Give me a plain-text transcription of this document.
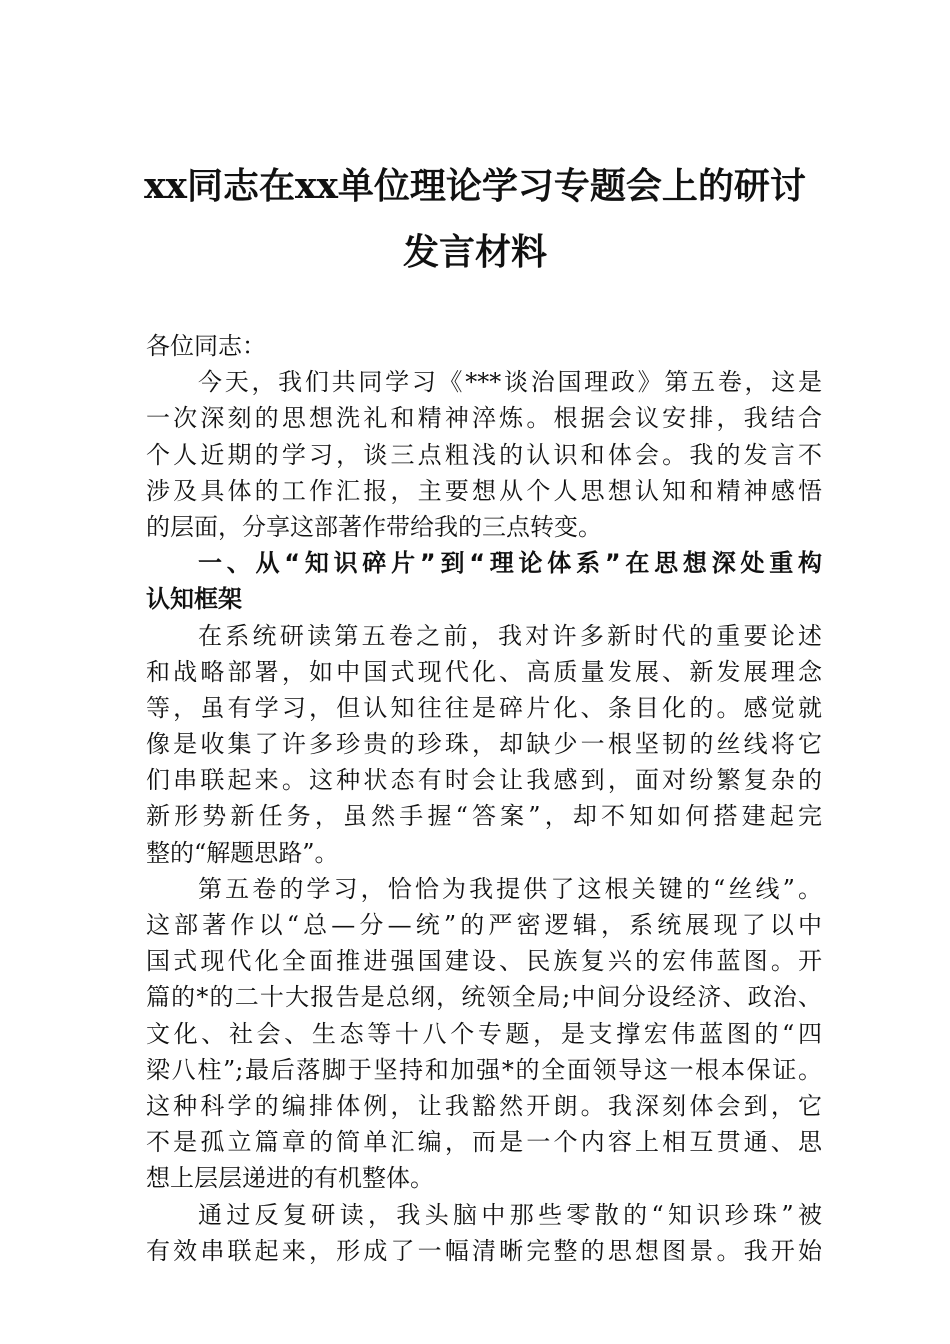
xx同志在xx单位理论学习专题会上的研讨
发言材料
各位同志：
今天，我们共同学习《***谈治国理政》第五卷，这是
一次深刻的思想洗礼和精神淬炼。根据会议安排，我结合
个人近期的学习，谈三点粗浅的认识和体会。我的发言不
涉及具体的工作汇报，主要想从个人思想认知和精神感悟
的层面，分享这部著作带给我的三点转变。
一、从“知识碎片”到“理论体系”在思想深处重构
认知框架
在系统研读第五卷之前，我对许多新时代的重要论述
和战略部署，如中国式现代化、高质量发展、新发展理念
等，虽有学习，但认知往往是碎片化、条目化的。感觉就
像是收集了许多珍贵的珍珠，却缺少一根坚韧的丝线将它
们串联起来。这种状态有时会让我感到，面对纷繁复杂的
新形势新任务，虽然手握“答案”，却不知如何搭建起完
整的“解题思路”。
第五卷的学习，恰恰为我提供了这根关键的“丝线”。
这部著作以“总—分—统”的严密逻辑，系统展现了以中
国式现代化全面推进强国建设、民族复兴的宏伟蓝图。开
篇的*的二十大报告是总纲，统领全局;中间分设经济、政治、
文化、社会、生态等十八个专题，是支撑宏伟蓝图的“四
梁八柱”;最后落脚于坚持和加强*的全面领导这一根本保证。
这种科学的编排体例，让我豁然开朗。我深刻体会到，它
不是孤立篇章的简单汇编，而是一个内容上相互贯通、思
想上层层递进的有机整体。
通过反复研读，我头脑中那些零散的“知识珍珠”被
有效串联起来，形成了一幅清晰完整的思想图景。我开始
